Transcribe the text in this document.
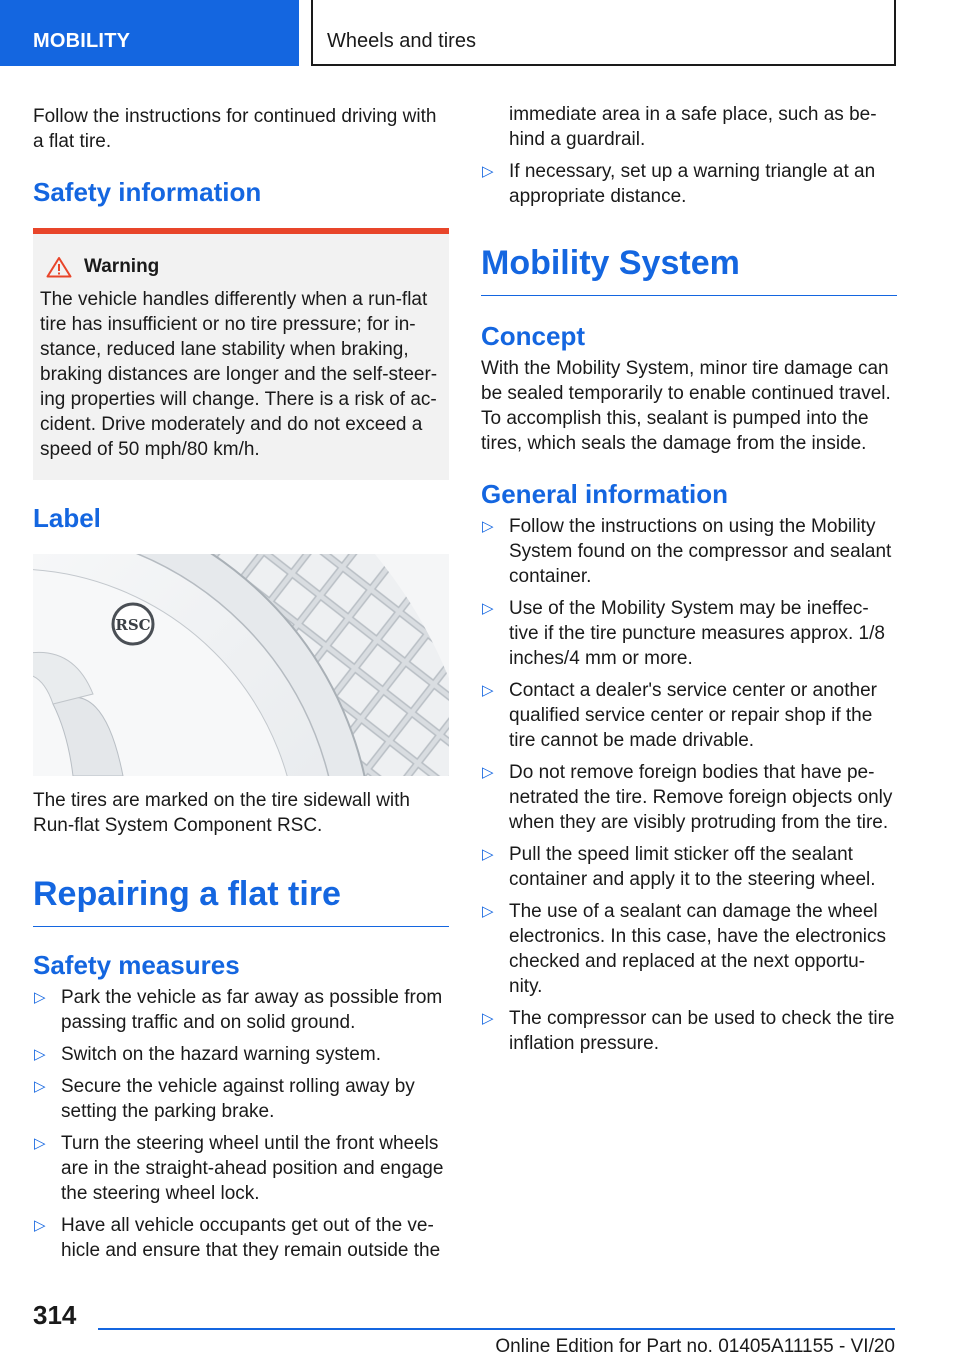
MOBILITY	Wheels and tires

Follow the instructions for continued driving with a flat tire.

Safety information
Warning
The vehicle handles differently when a run-flat tire has insufficient or no tire pressure; for in-stance, reduced lane stability when braking, braking distances are longer and the self-steer-ing properties will change. There is a risk of ac-cident. Drive moderately and do not exceed a speed of 50 mph/80 km/h.
Label
RSC

The tires are marked on the tire sidewall with Run-flat System Component RSC.

Repairing a flat tire
Safety measures
▷ Park the vehicle as far away as possible from passing traffic and on solid ground.
▷ Switch on the hazard warning system.
▷ Secure the vehicle against rolling away by setting the parking brake.
▷ Turn the steering wheel until the front wheels are in the straight-ahead position and engage the steering wheel lock.
▷ Have all vehicle occupants get out of the ve-hicle and ensure that they remain outside the

immediate area in a safe place, such as be-hind a guardrail.

▷ If necessary, set up a warning triangle at an appropriate distance.
Mobility System
Concept

With the Mobility System, minor tire damage can be sealed temporarily to enable continued travel. To accomplish this, sealant is pumped into the tires, which seals the damage from the inside.

General information
▷ Follow the instructions on using the Mobility System found on the compressor and sealant container.
▷ Use of the Mobility System may be ineffec-tive if the tire puncture measures approx. 1/8 inches/4 mm or more.
▷ Contact a dealer's service center or another qualified service center or repair shop if the tire cannot be made drivable.
▷ Do not remove foreign bodies that have pe-netrated the tire. Remove foreign objects only when they are visibly protruding from the tire.
▷ Pull the speed limit sticker off the sealant container and apply it to the steering wheel.
▷ The use of a sealant can damage the wheel electronics. In this case, have the electronics checked and replaced at the next opportu-nity.
▷ The compressor can be used to check the tire inflation pressure.
314
Online Edition for Part no. 01405A11155 - VI/20
